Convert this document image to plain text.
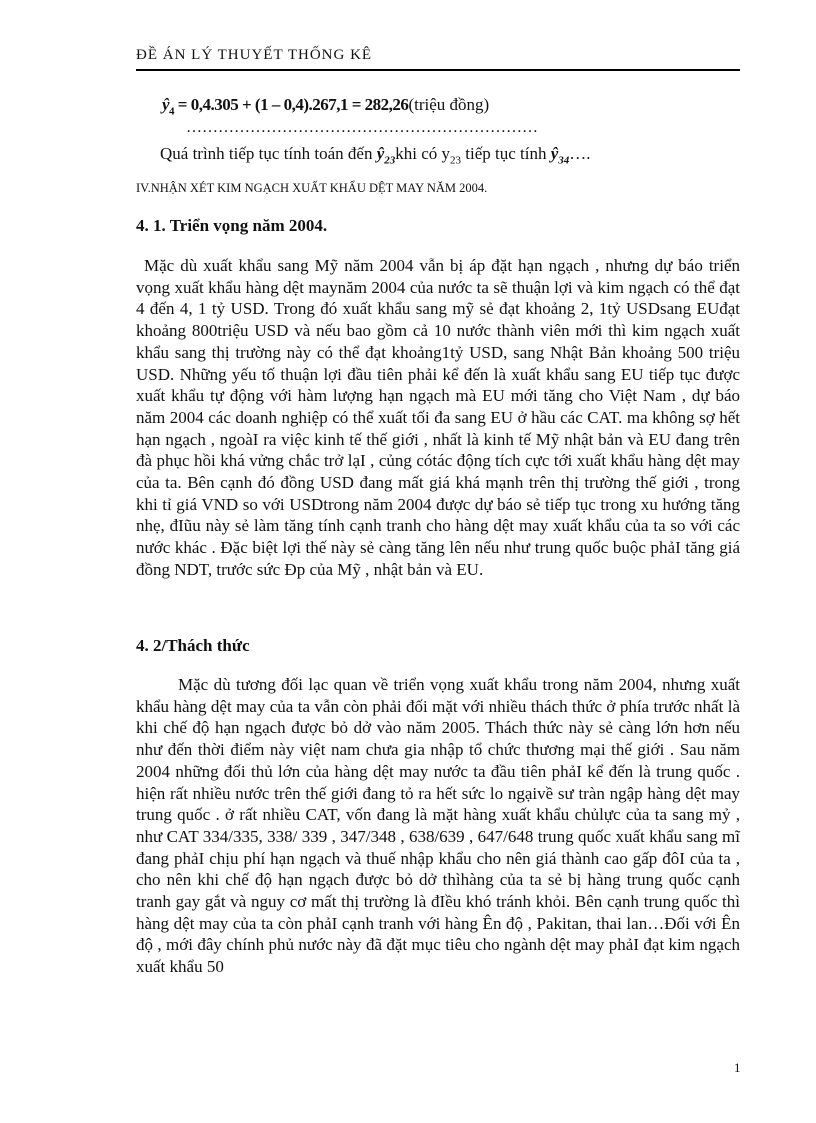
ĐỀ ÁN LÝ THUYẾT THỐNG KÊ
$ŷ_4 = 0,4.305 + (1 - 0,4).267,1$ = 282,26(triệu đồng)
…………………………………………………………
Quá trình tiếp tục tính toán đến $ŷ_{23}khi$ có $y_{23}$ tiếp tục tính $ŷ_{34}\dots$.
IV.NHẬN XÉT KIM NGẠCH XUẤT KHẨU DỆT MAY NĂM 2004.
4. 1. Triển vọng năm 2004.

Mặc dù xuất khẩu sang Mỹ năm 2004 vẫn bị áp đặt hạn ngạch , nhưng dự báo triển vọng xuất khẩu hàng dệt maynăm 2004 của nước ta sẽ thuận lợi và kim ngạch có thể đạt 4 đến 4, 1 tỷ USD. Trong đó xuất khẩu sang mỹ sẻ đạt khoảng 2, 1tỷ USDsang EUđạt khoảng 800triệu USD và nếu bao gồm cả 10 nước thành viên mới thì kim ngạch xuất khẩu sang thị trường này có thể đạt khoảng1tỷ USD, sang Nhật Bản khoảng 500 triệu USD. Những yếu tố thuận lợi đầu tiên phải kể đến là xuất khẩu sang EU tiếp tục được xuất khẩu tự động với hàm lượng hạn ngạch mà EU mới tăng cho Việt Nam , dự báo năm 2004 các doanh nghiệp có thể xuất tối đa sang EU ở hầu các CAT. ma không sợ hết hạn ngạch , ngoàI ra việc kinh tế thế giới , nhất là kinh tế Mỹ nhật bản và EU đang trên đà phục hồi khá vửng chắc trở lạI , củng cótác động tích cực tới xuất khẩu hàng dệt may của ta. Bên cạnh đó đồng USD đang mất giá khá mạnh trên thị trường thế giới , trong khi tỉ giá VND so với USDtrong năm 2004 được dự báo sẻ tiếp tục trong xu hướng tăng nhẹ, đIũu này sẻ làm tăng tính cạnh tranh cho hàng dệt may xuất khẩu của ta so với các nước khác . Đặc biệt lợi thế này sẻ càng tăng lên nếu như trung quốc buộc phảI tăng giá đồng NDT, trước sức Ðp của Mỹ , nhật bản và EU.

4. 2/Thách thức

Mặc dù tương đối lạc quan về triển vọng xuất khẩu trong năm 2004, nhưng xuất khẩu hàng dệt may của ta vẫn còn phải đối mặt với nhiều thách thức ở phía trước nhất là khi chế độ hạn ngạch được bỏ dở vào năm 2005. Thách thức này sẻ càng lớn hơn nếu như đến thời điểm này việt nam chưa gia nhập tổ chức thương mại thế giới . Sau năm 2004 những đối thủ lớn của hàng dệt may nước ta đầu tiên phảI kể đến là trung quốc . hiện rất nhiều nước trên thế giới đang tỏ ra hết sức lo ngạivề sư tràn ngập hàng dệt may trung quốc . ở rất nhiều CAT, vốn đang là mặt hàng xuất khẩu chủlực của ta sang mỷ , như CAT 334/335, 338/ 339 , 347/348 , 638/639 , 647/648 trung quốc xuất khẩu sang mĩ đang phảI chịu phí hạn ngạch và thuế nhập khẩu cho nên giá thành cao gấp đôI của ta , cho nên khi chế độ hạn ngạch được bỏ dở thìhàng của ta sẻ bị hàng trung quốc cạnh tranh gay gắt và nguy cơ mất thị trường là đIều khó tránh khỏi. Bên cạnh trung quốc thì hàng dệt may của ta còn phảI cạnh tranh với hàng Ên độ , Pakitan, thai lan…Đối với Ên độ , mới đây chính phủ nước này đã đặt mục tiêu cho ngành dệt may phảI đạt kim ngạch xuất khẩu 50

1
